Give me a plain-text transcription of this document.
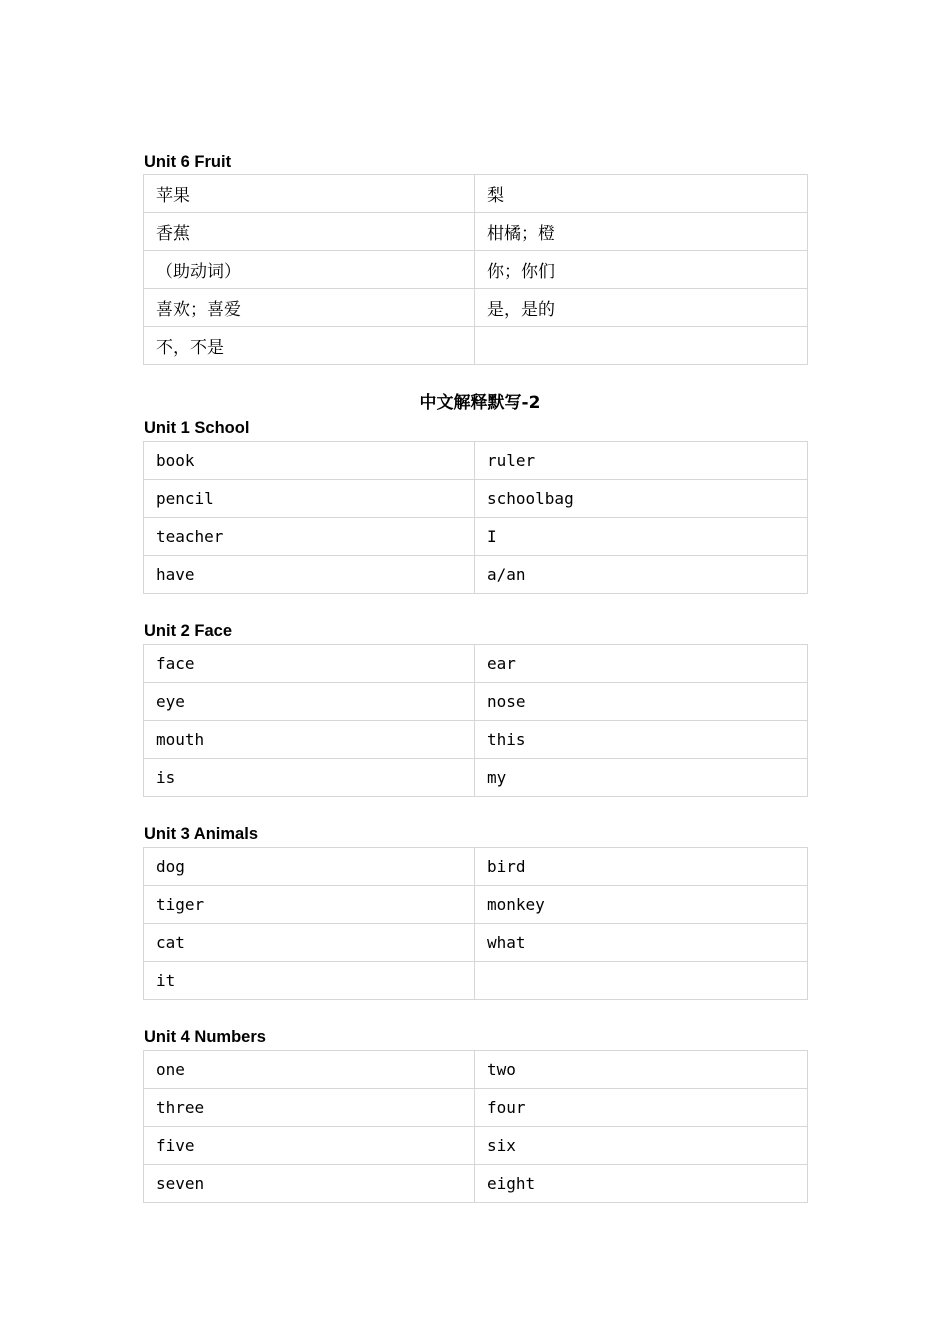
Unit 6 Fruit
苹果	梨
香蕉	柑橘；橙
（助动词）	你；你们
喜欢；喜爱	是，是的
不，不是	
中文解释默写-2
Unit 1 School
book	ruler
pencil	schoolbag
teacher	I
have	a/an
Unit 2 Face
face	ear
eye	nose
mouth	this
is	my
Unit 3 Animals
dog	bird
tiger	monkey
cat	what
it	
Unit 4 Numbers
one	two
three	four
five	six
seven	eight
